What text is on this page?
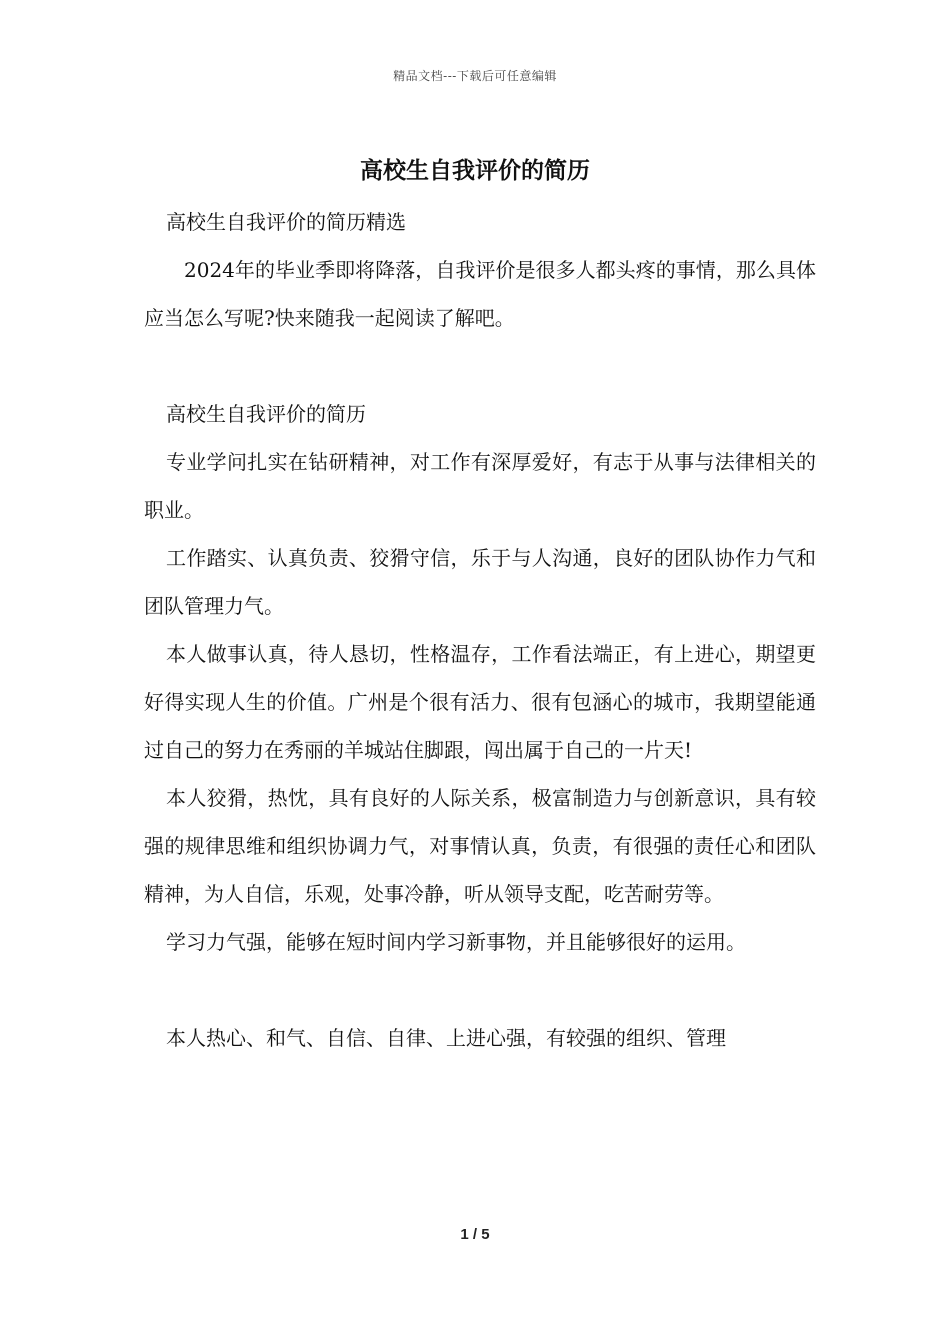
精品文档---下载后可任意编辑
高校生自我评价的简历

高校生自我评价的简历精选

2024年的毕业季即将降落，自我评价是很多人都头疼的事情，那么具体应当怎么写呢?快来随我一起阅读了解吧。

高校生自我评价的简历

专业学问扎实在钻研精神，对工作有深厚爱好，有志于从事与法律相关的职业。

工作踏实、认真负责、狡猾守信，乐于与人沟通，良好的团队协作力气和团队管理力气。

本人做事认真，待人恳切，性格温存，工作看法端正，有上进心，期望更好得实现人生的价值。广州是个很有活力、很有包涵心的城市，我期望能通过自己的努力在秀丽的羊城站住脚跟，闯出属于自己的一片天!

本人狡猾，热忱，具有良好的人际关系，极富制造力与创新意识，具有较强的规律思维和组织协调力气，对事情认真，负责，有很强的责任心和团队精神，为人自信，乐观，处事冷静，听从领导支配，吃苦耐劳等。

学习力气强，能够在短时间内学习新事物，并且能够很好的运用。

本人热心、和气、自信、自律、上进心强，有较强的组织、管理

1 / 5
